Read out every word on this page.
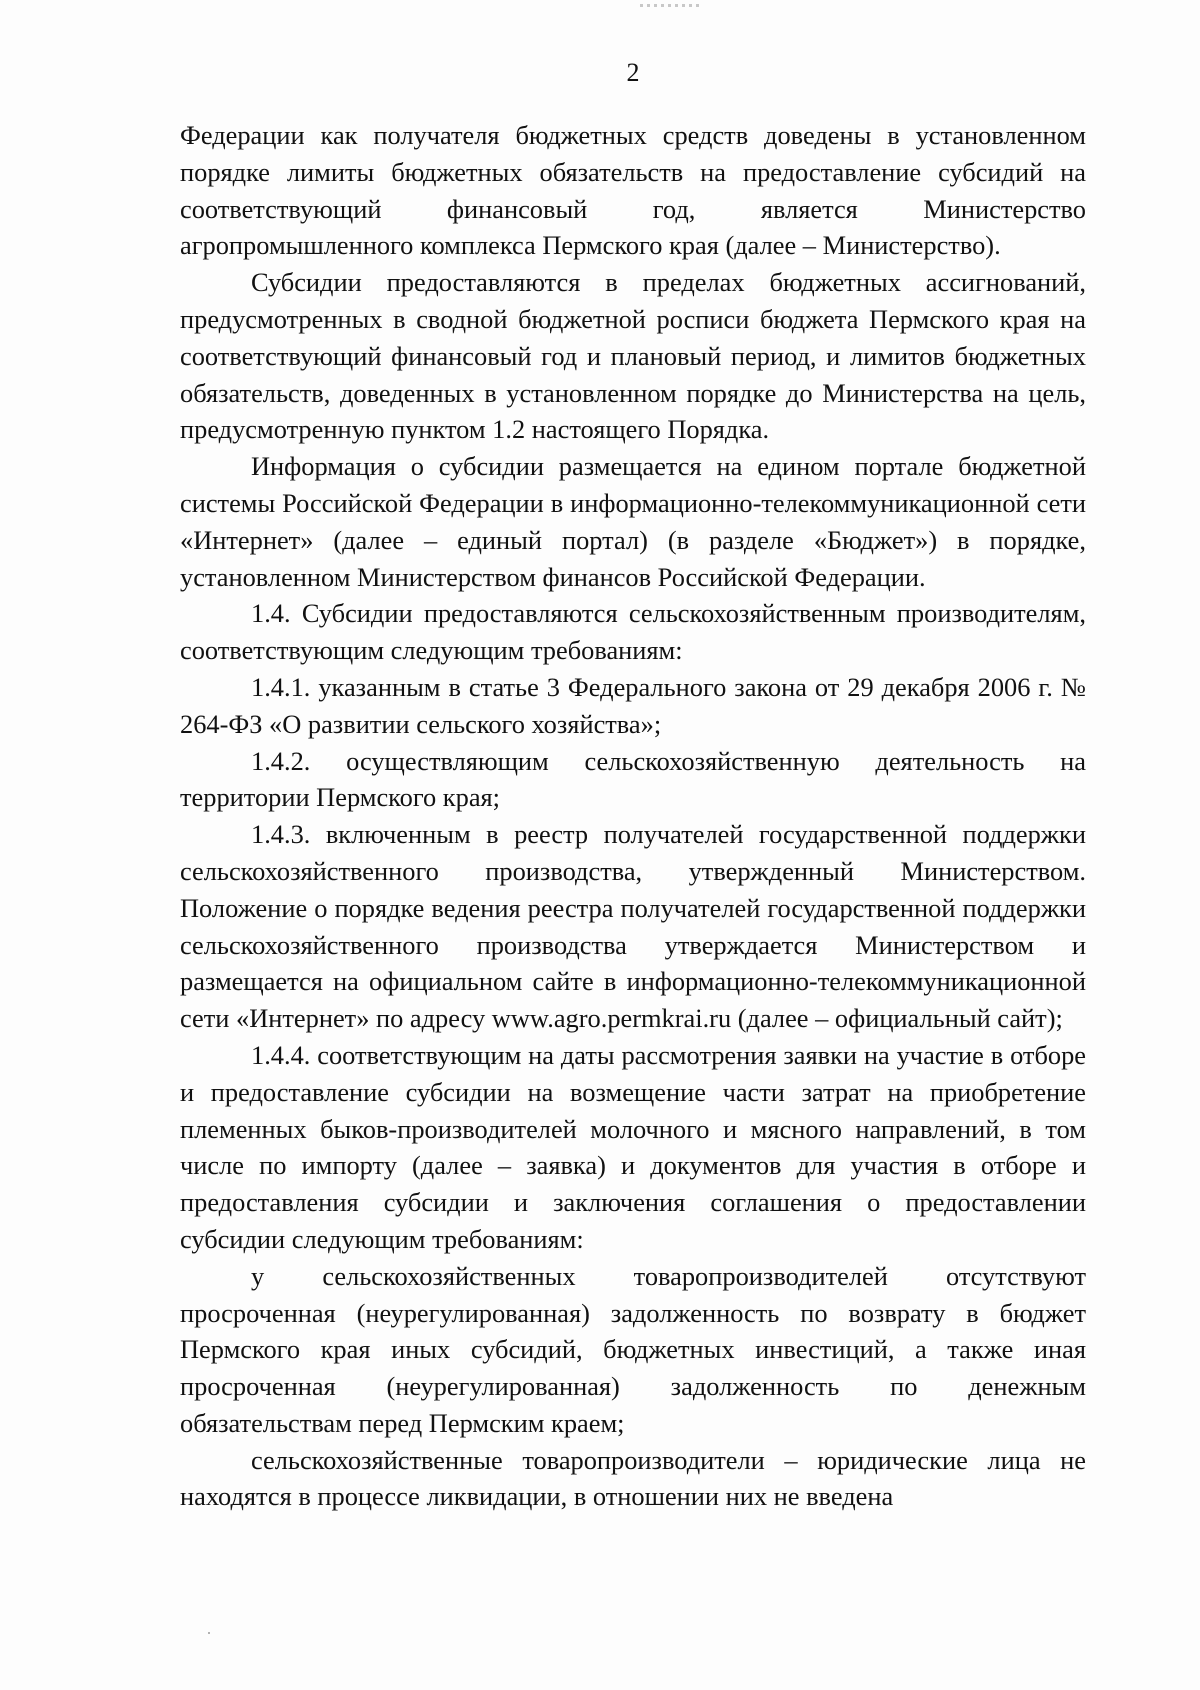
2

Федерации как получателя бюджетных средств доведены в установленном порядке лимиты бюджетных обязательств на предоставление субсидий на соответствующий финансовый год, является Министерство агропромышленного комплекса Пермского края (далее – Министерство).

Субсидии предоставляются в пределах бюджетных ассигнований, предусмотренных в сводной бюджетной росписи бюджета Пермского края на соответствующий финансовый год и плановый период, и лимитов бюджетных обязательств, доведенных в установленном порядке до Министерства на цель, предусмотренную пунктом 1.2 настоящего Порядка.

Информация о субсидии размещается на едином портале бюджетной системы Российской Федерации в информационно-телекоммуникационной сети «Интернет» (далее – единый портал) (в разделе «Бюджет») в порядке, установленном Министерством финансов Российской Федерации.

1.4. Субсидии предоставляются сельскохозяйственным производителям, соответствующим следующим требованиям:

1.4.1. указанным в статье 3 Федерального закона от 29 декабря 2006 г. № 264-ФЗ «О развитии сельского хозяйства»;

1.4.2. осуществляющим сельскохозяйственную деятельность на территории Пермского края;

1.4.3. включенным в реестр получателей государственной поддержки сельскохозяйственного производства, утвержденный Министерством. Положение о порядке ведения реестра получателей государственной поддержки сельскохозяйственного производства утверждается Министерством и размещается на официальном сайте в информационно-телекоммуникационной сети «Интернет» по адресу www.agro.permkrai.ru (далее – официальный сайт);

1.4.4. соответствующим на даты рассмотрения заявки на участие в отборе и предоставление субсидии на возмещение части затрат на приобретение племенных быков-производителей молочного и мясного направлений, в том числе по импорту (далее – заявка) и документов для участия в отборе и предоставления субсидии и заключения соглашения о предоставлении субсидии следующим требованиям:

у сельскохозяйственных товаропроизводителей отсутствуют просроченная (неурегулированная) задолженность по возврату в бюджет Пермского края иных субсидий, бюджетных инвестиций, а также иная просроченная (неурегулированная) задолженность по денежным обязательствам перед Пермским краем;

сельскохозяйственные товаропроизводители – юридические лица не находятся в процессе ликвидации, в отношении них не введена
